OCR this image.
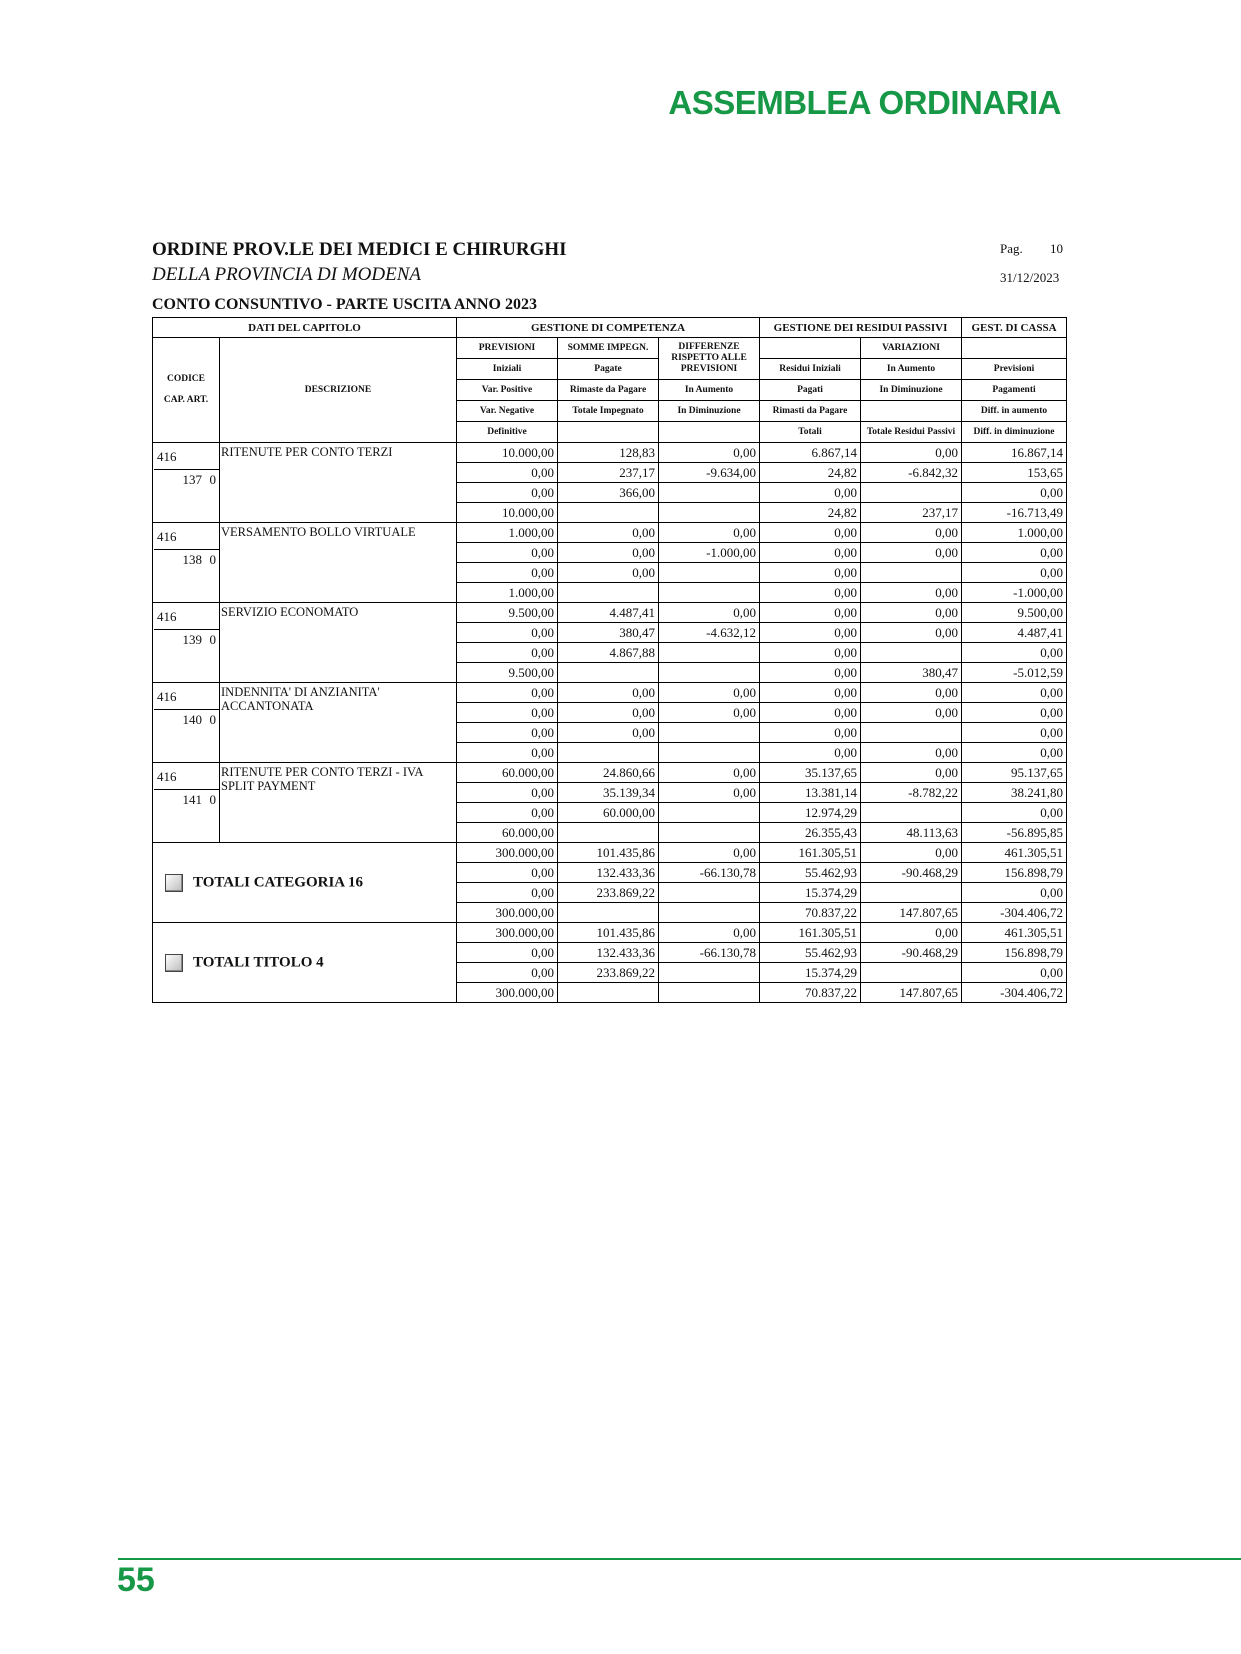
ASSEMBLEA ORDINARIA
ORDINE PROV.LE DEI MEDICI E CHIRURGHI
DELLA PROVINCIA DI MODENA
Pag. 10
31/12/2023
CONTO CONSUNTIVO - PARTE USCITA ANNO 2023
DATI DEL CAPITOLO		GESTIONE DI COMPETENZA			GESTIONE DEI RESIDUI PASSIVI		GEST. DI CASSA

CODICE
CAP. ART.	DESCRIZIONE	PREVISIONI	SOMME IMPEGN.	DIFFERENZE RISPETTO ALLE PREVISIONI		VARIAZIONI	
		Iniziali	Pagate		Residui Iniziali	In Aumento	Previsioni
		Var. Positive	Rimaste da Pagare	In Aumento	Pagati	In Diminuzione	Pagamenti
		Var. Negative	Totale Impegnato	In Diminuzione	Rimasti da Pagare		Diff. in aumento
		Definitive			Totali	Totale Residui Passivi	Diff. in diminuzione

416
137 0	RITENUTE PER CONTO TERZI	10.000,00	128,83	0,00	6.867,14	0,00	16.867,14
		0,00	237,17	-9.634,00	24,82	-6.842,32	153,65
		0,00	366,00		0,00		0,00
		10.000,00			24,82	237,17	-16.713,49

416
138 0	VERSAMENTO BOLLO VIRTUALE	1.000,00	0,00	0,00	0,00	0,00	1.000,00
		0,00	0,00	-1.000,00	0,00	0,00	0,00
		0,00	0,00		0,00		0,00
		1.000,00			0,00	0,00	-1.000,00

416
139 0	SERVIZIO ECONOMATO	9.500,00	4.487,41	0,00	0,00	0,00	9.500,00
		0,00	380,47	-4.632,12	0,00	0,00	4.487,41
		0,00	4.867,88		0,00		0,00
		9.500,00			0,00	380,47	-5.012,59

416
140 0	INDENNITA' DI ANZIANITA' ACCANTONATA	0,00	0,00	0,00	0,00	0,00	0,00
		0,00	0,00	0,00	0,00	0,00	0,00
		0,00	0,00		0,00		0,00
		0,00			0,00	0,00	0,00

416
141 0	RITENUTE PER CONTO TERZI - IVA SPLIT PAYMENT	60.000,00	24.860,66	0,00	35.137,65	0,00	95.137,65
		0,00	35.139,34	0,00	13.381,14	-8.782,22	38.241,80
		0,00	60.000,00		12.974,29		0,00
		60.000,00			26.355,43	48.113,63	-56.895,85
TOTALI CATEGORIA 16		300.000,00	101.435,86	0,00	161.305,51	0,00	461.305,51
		0,00	132.433,36	-66.130,78	55.462,93	-90.468,29	156.898,79
		0,00	233.869,22		15.374,29		0,00
		300.000,00			70.837,22	147.807,65	-304.406,72
TOTALI TITOLO 4		300.000,00	101.435,86	0,00	161.305,51	0,00	461.305,51
		0,00	132.433,36	-66.130,78	55.462,93	-90.468,29	156.898,79
		0,00	233.869,22		15.374,29		0,00
		300.000,00			70.837,22	147.807,65	-304.406,72
55
